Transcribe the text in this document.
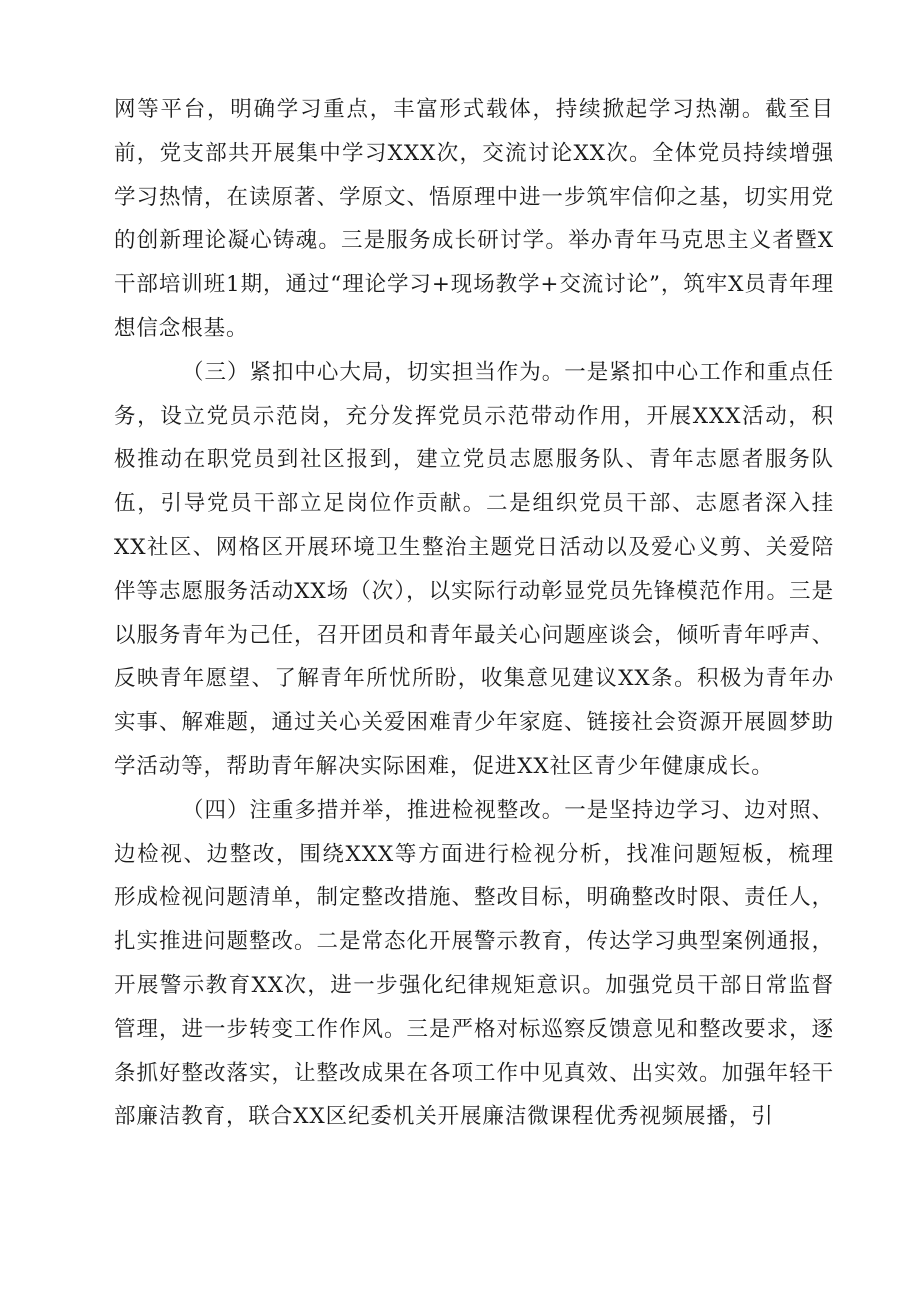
网等平台，明确学习重点，丰富形式载体，持续掀起学习热潮。截至目前，党支部共开展集中学习XXX次，交流讨论XX次。全体党员持续增强学习热情，在读原著、学原文、悟原理中进一步筑牢信仰之基，切实用党的创新理论凝心铸魂。三是服务成长研讨学。举办青年马克思主义者暨X干部培训班1期，通过“理论学习+现场教学+交流讨论”，筑牢X员青年理想信念根基。

（三）紧扣中心大局，切实担当作为。一是紧扣中心工作和重点任务，设立党员示范岗，充分发挥党员示范带动作用，开展XXX活动，积极推动在职党员到社区报到，建立党员志愿服务队、青年志愿者服务队伍，引导党员干部立足岗位作贡献。二是组织党员干部、志愿者深入挂XX社区、网格区开展环境卫生整治主题党日活动以及爱心义剪、关爱陪伴等志愿服务活动XX场（次），以实际行动彰显党员先锋模范作用。三是以服务青年为己任，召开团员和青年最关心问题座谈会，倾听青年呼声、反映青年愿望、了解青年所忧所盼，收集意见建议XX条。积极为青年办实事、解难题，通过关心关爱困难青少年家庭、链接社会资源开展圆梦助学活动等，帮助青年解决实际困难，促进XX社区青少年健康成长。

（四）注重多措并举，推进检视整改。一是坚持边学习、边对照、边检视、边整改，围绕XXX等方面进行检视分析，找准问题短板，梳理形成检视问题清单，制定整改措施、整改目标，明确整改时限、责任人，扎实推进问题整改。二是常态化开展警示教育，传达学习典型案例通报，开展警示教育XX次，进一步强化纪律规矩意识。加强党员干部日常监督管理，进一步转变工作作风。三是严格对标巡察反馈意见和整改要求，逐条抓好整改落实，让整改成果在各项工作中见真效、出实效。加强年轻干部廉洁教育，联合XX区纪委机关开展廉洁微课程优秀视频展播，引
